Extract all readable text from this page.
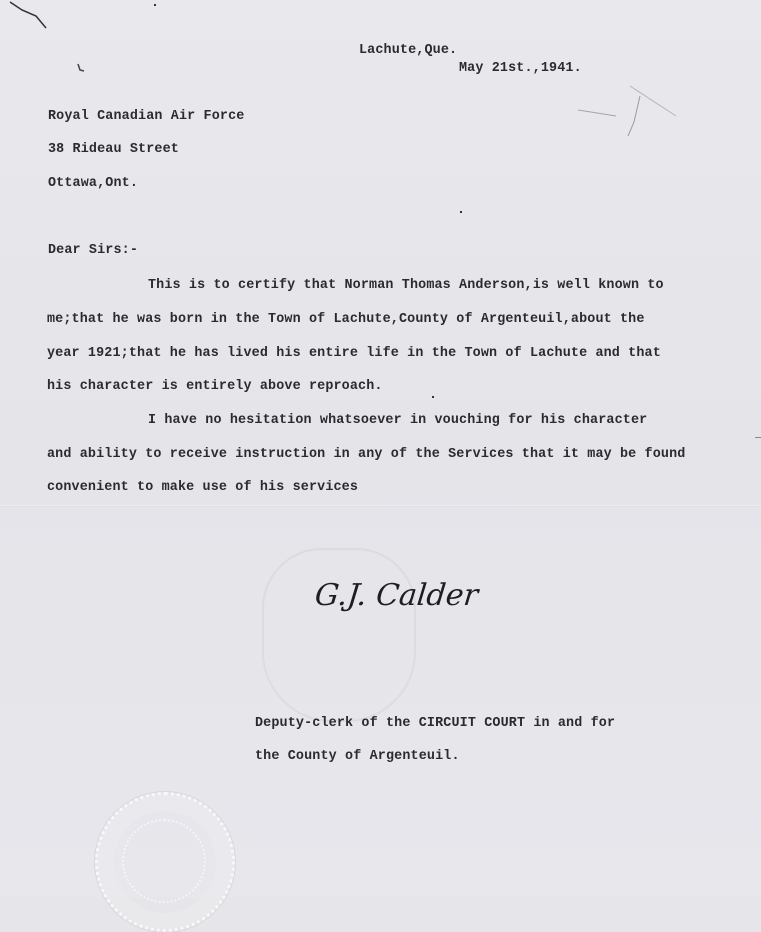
Lachute,Que.
May 21st.,1941.
Royal Canadian Air Force
38 Rideau Street
Ottawa,Ont.
Dear Sirs:-
This is to certify that Norman Thomas Anderson,is well known to
me;that he was born in the Town of Lachute,County of Argenteuil,about the
year 1921;that he has lived his entire life in the Town of Lachute and that
his character is entirely above reproach.
I have no hesitation whatsoever in vouching for his character
and ability to receive instruction in any of the Services that it may be found
convenient to make use of his services
G.J. Calder
Deputy-clerk of the CIRCUIT COURT in and for
the County of Argenteuil.
